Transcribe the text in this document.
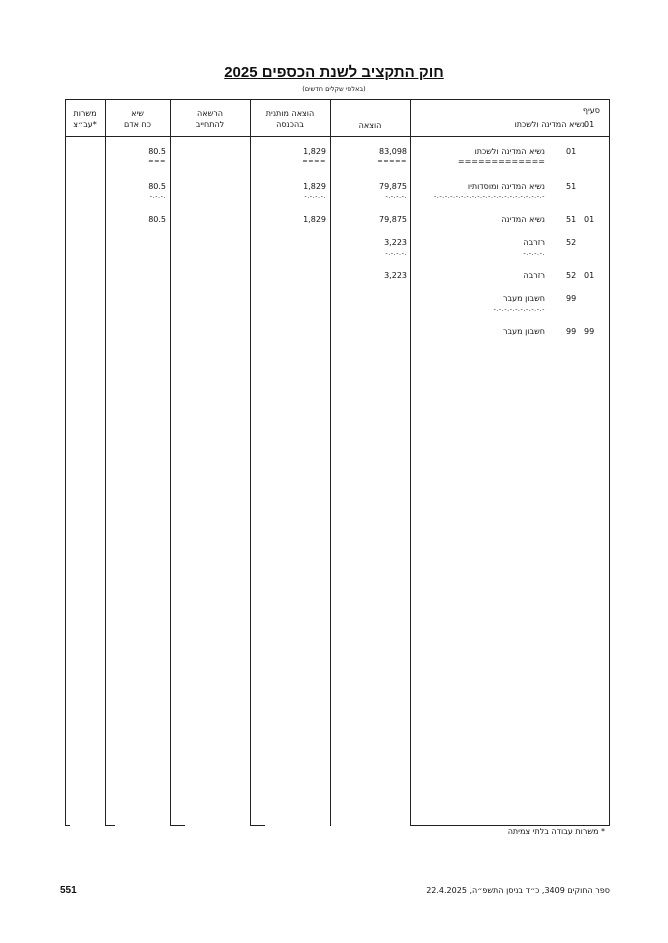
חוק התקציב לשנת הכספים 2025
(באלפי שקלים חדשים)
סעיף
נשיא המדינה ולשכתו 01
הוצאה
הוצאה מותנית
בהכנסה
הרשאה
להתחייב
שיא
כח אדם
משרות
עב״צ*
01
נשיא המדינה ולשכתו
=============
83,098
=====
1,829
====
80.5
===
51
נשיא המדינה ומוסדותיו
-.-.-.-.-.-.-.-.-.-.-.-.-.-.-.-.-.-.-.-.-
79,875
-.-.-.-.
1,829
-.-.-.-.
80.5
-.-.-.
01
51
נשיא המדינה
79,875
1,829
80.5
52
רזרבה
-.-.-.-.
3,223
-.-.-.-.
01
52
רזרבה
3,223
99
חשבון מעבר
-.-.-.-.-.-.-.-.-.-
99
99
חשבון מעבר
* משרות עבודה בלתי צמיתה
ספר החוקים 3409, כ״ד בניסן התשפ״ה, 22.4.2025
551
